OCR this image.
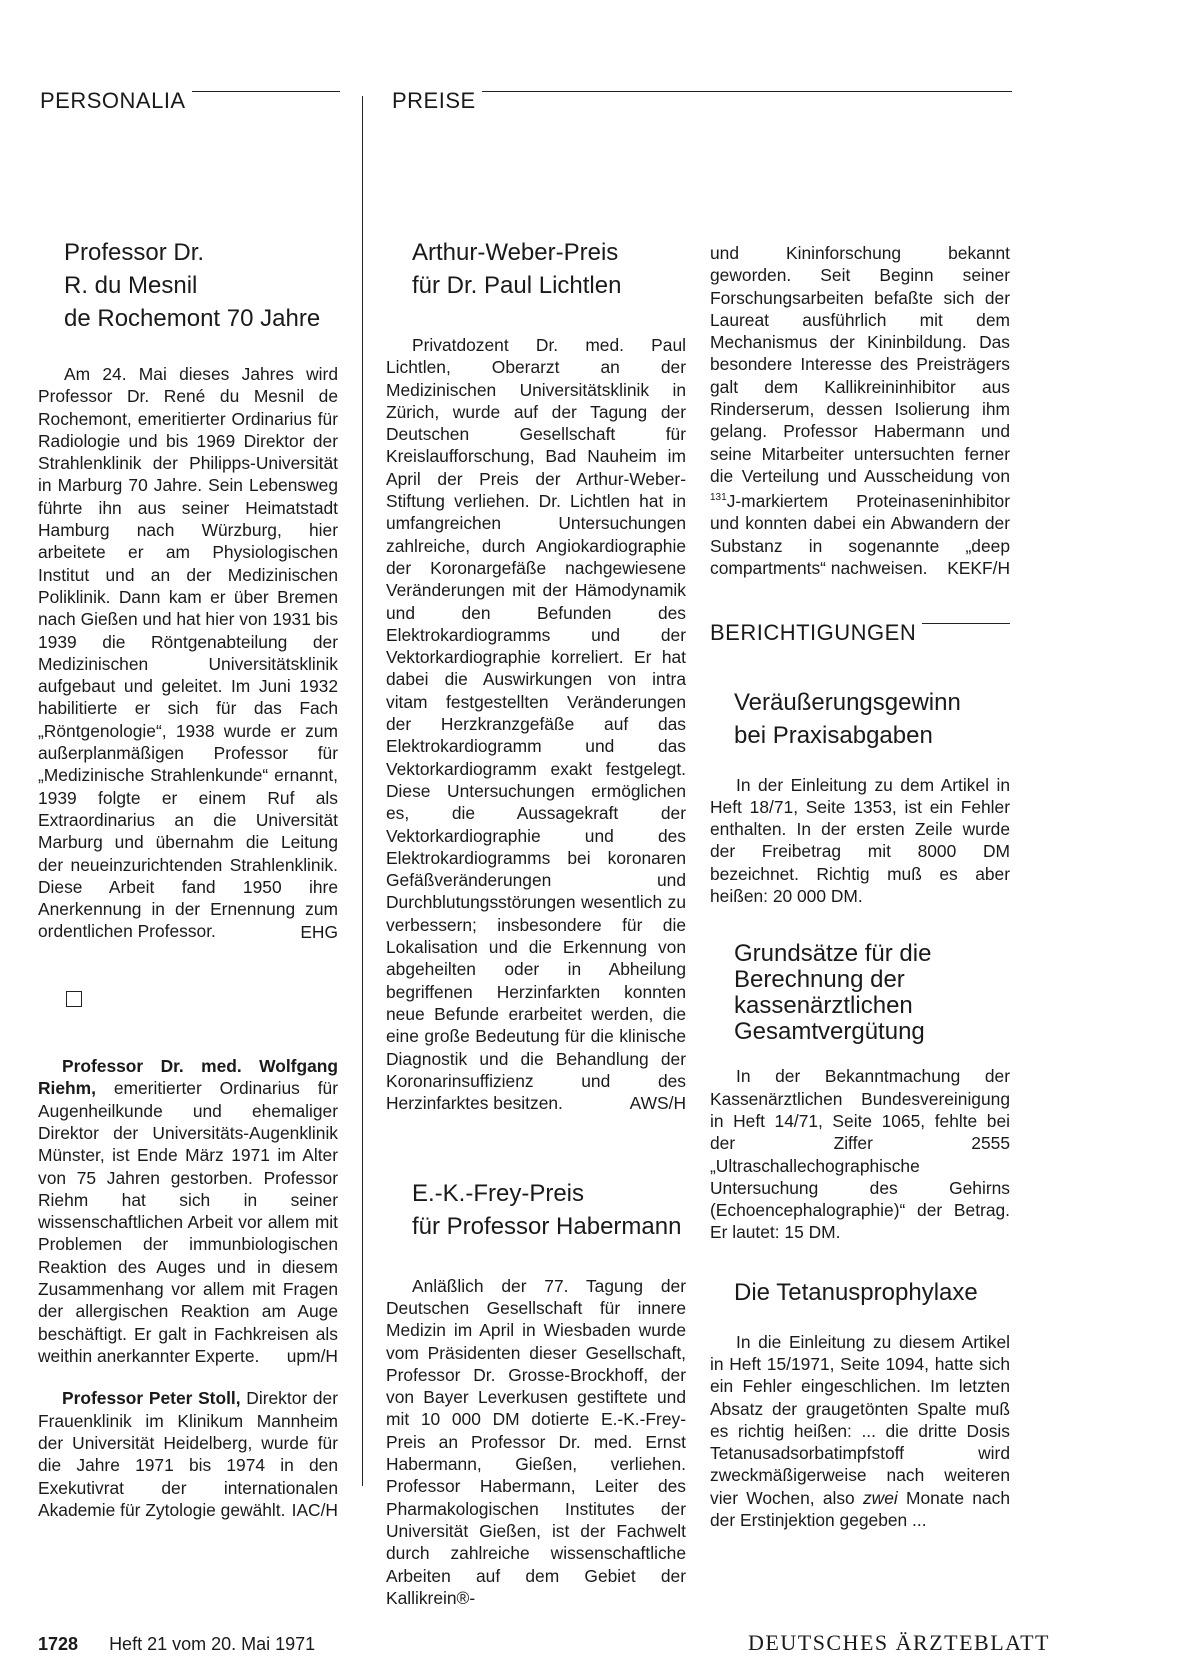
PERSONALIA	PREISE
Professor Dr.
R. du Mesnil
de Rochemont 70 Jahre

Am 24. Mai dieses Jahres wird Professor Dr. René du Mesnil de Rochemont, emeritierter Ordinarius für Radiologie und bis 1969 Direktor der Strahlenklinik der Philipps-Universität in Marburg 70 Jahre. Sein Lebensweg führte ihn aus seiner Heimatstadt Hamburg nach Würzburg, hier arbeitete er am Physiologischen Institut und an der Medizinischen Poliklinik. Dann kam er über Bremen nach Gießen und hat hier von 1931 bis 1939 die Röntgenabteilung der Medizinischen Universitätsklinik aufgebaut und geleitet. Im Juni 1932 habilitierte er sich für das Fach „Röntgenologie“, 1938 wurde er zum außerplanmäßigen Professor für „Medizinische Strahlenkunde“ ernannt, 1939 folgte er einem Ruf als Extraordinarius an die Universität Marburg und übernahm die Leitung der neueinzurichtenden Strahlenklinik. Diese Arbeit fand 1950 ihre Anerkennung in der Ernennung zum ordentlichen Professor.	EHG

Professor Dr. med. Wolfgang Riehm, emeritierter Ordinarius für Augenheilkunde und ehemaliger Direktor der Universitäts-Augenklinik Münster, ist Ende März 1971 im Alter von 75 Jahren gestorben. Professor Riehm hat sich in seiner wissenschaftlichen Arbeit vor allem mit Problemen der immunbiologischen Reaktion des Auges und in diesem Zusammenhang vor allem mit Fragen der allergischen Reaktion am Auge beschäftigt. Er galt in Fachkreisen als weithin anerkannter Experte.	upm/H

Professor Peter Stoll, Direktor der Frauenklinik im Klinikum Mannheim der Universität Heidelberg, wurde für die Jahre 1971 bis 1974 in den Exekutivrat der internationalen Akademie für Zytologie gewählt. IAC/H

Arthur-Weber-Preis
für Dr. Paul Lichtlen

Privatdozent Dr. med. Paul Lichtlen, Oberarzt an der Medizinischen Universitätsklinik in Zürich, wurde auf der Tagung der Deutschen Gesellschaft für Kreislaufforschung, Bad Nauheim im April der Preis der Arthur-Weber-Stiftung verliehen. Dr. Lichtlen hat in umfangreichen Untersuchungen zahlreiche, durch Angiokardiographie der Koronargefäße nachgewiesene Veränderungen mit der Hämodynamik und den Befunden des Elektrokardiogramms und der Vektorkardiographie korreliert. Er hat dabei die Auswirkungen von intra vitam festgestellten Veränderungen der Herzkranzgefäße auf das Elektrokardiogramm und das Vektorkardiogramm exakt festgelegt. Diese Untersuchungen ermöglichen es, die Aussagekraft der Vektorkardiographie und des Elektrokardiogramms bei koronaren Gefäßveränderungen und Durchblutungsstörungen wesentlich zu verbessern; insbesondere für die Lokalisation und die Erkennung von abgeheilten oder in Abheilung begriffenen Herzinfarkten konnten neue Befunde erarbeitet werden, die eine große Bedeutung für die klinische Diagnostik und die Behandlung der Koronarinsuffizienz und des Herzinfarktes besitzen.	AWS/H

E.-K.-Frey-Preis
für Professor Habermann

Anläßlich der 77. Tagung der Deutschen Gesellschaft für innere Medizin im April in Wiesbaden wurde vom Präsidenten dieser Gesellschaft, Professor Dr. Grosse-Brockhoff, der von Bayer Leverkusen gestiftete und mit 10 000 DM dotierte E.-K.-Frey-Preis an Professor Dr. med. Ernst Habermann, Gießen, verliehen. Professor Habermann, Leiter des Pharmakologischen Institutes der Universität Gießen, ist der Fachwelt durch zahlreiche wissenschaftliche Arbeiten auf dem Gebiet der Kallikrein®-

und Kininforschung bekannt geworden. Seit Beginn seiner Forschungsarbeiten befaßte sich der Laureat ausführlich mit dem Mechanismus der Kininbildung. Das besondere Interesse des Preisträgers galt dem Kallikreininhibitor aus Rinderserum, dessen Isolierung ihm gelang. Professor Habermann und seine Mitarbeiter untersuchten ferner die Verteilung und Ausscheidung von $^{131}$J-markiertem Proteinaseninhibitor und konnten dabei ein Abwandern der Substanz in sogenannte „deep compartments“ nachweisen.	KEKF/H

BERICHTIGUNGEN
Veräußerungsgewinn
bei Praxisabgaben

In der Einleitung zu dem Artikel in Heft 18/71, Seite 1353, ist ein Fehler enthalten. In der ersten Zeile wurde der Freibetrag mit 8000 DM bezeichnet. Richtig muß es aber heißen: 20 000 DM.

Grundsätze für die
Berechnung der
kassenärztlichen
Gesamtvergütung

In der Bekanntmachung der Kassenärztlichen Bundesvereinigung in Heft 14/71, Seite 1065, fehlte bei der Ziffer 2555 „Ultraschallechographische Untersuchung des Gehirns (Echoencephalographie)“ der Betrag. Er lautet: 15 DM.

Die Tetanusprophylaxe

In die Einleitung zu diesem Artikel in Heft 15/1971, Seite 1094, hatte sich ein Fehler eingeschlichen. Im letzten Absatz der graugetönten Spalte muß es richtig heißen: ... die dritte Dosis Tetanusadsorbatimpfstoff wird zweckmäßigerweise nach weiteren vier Wochen, also zwei Monate nach der Erstinjektion gegeben ...

1728 Heft 21 vom 20. Mai 1971	DEUTSCHES ÄRZTEBLATT
